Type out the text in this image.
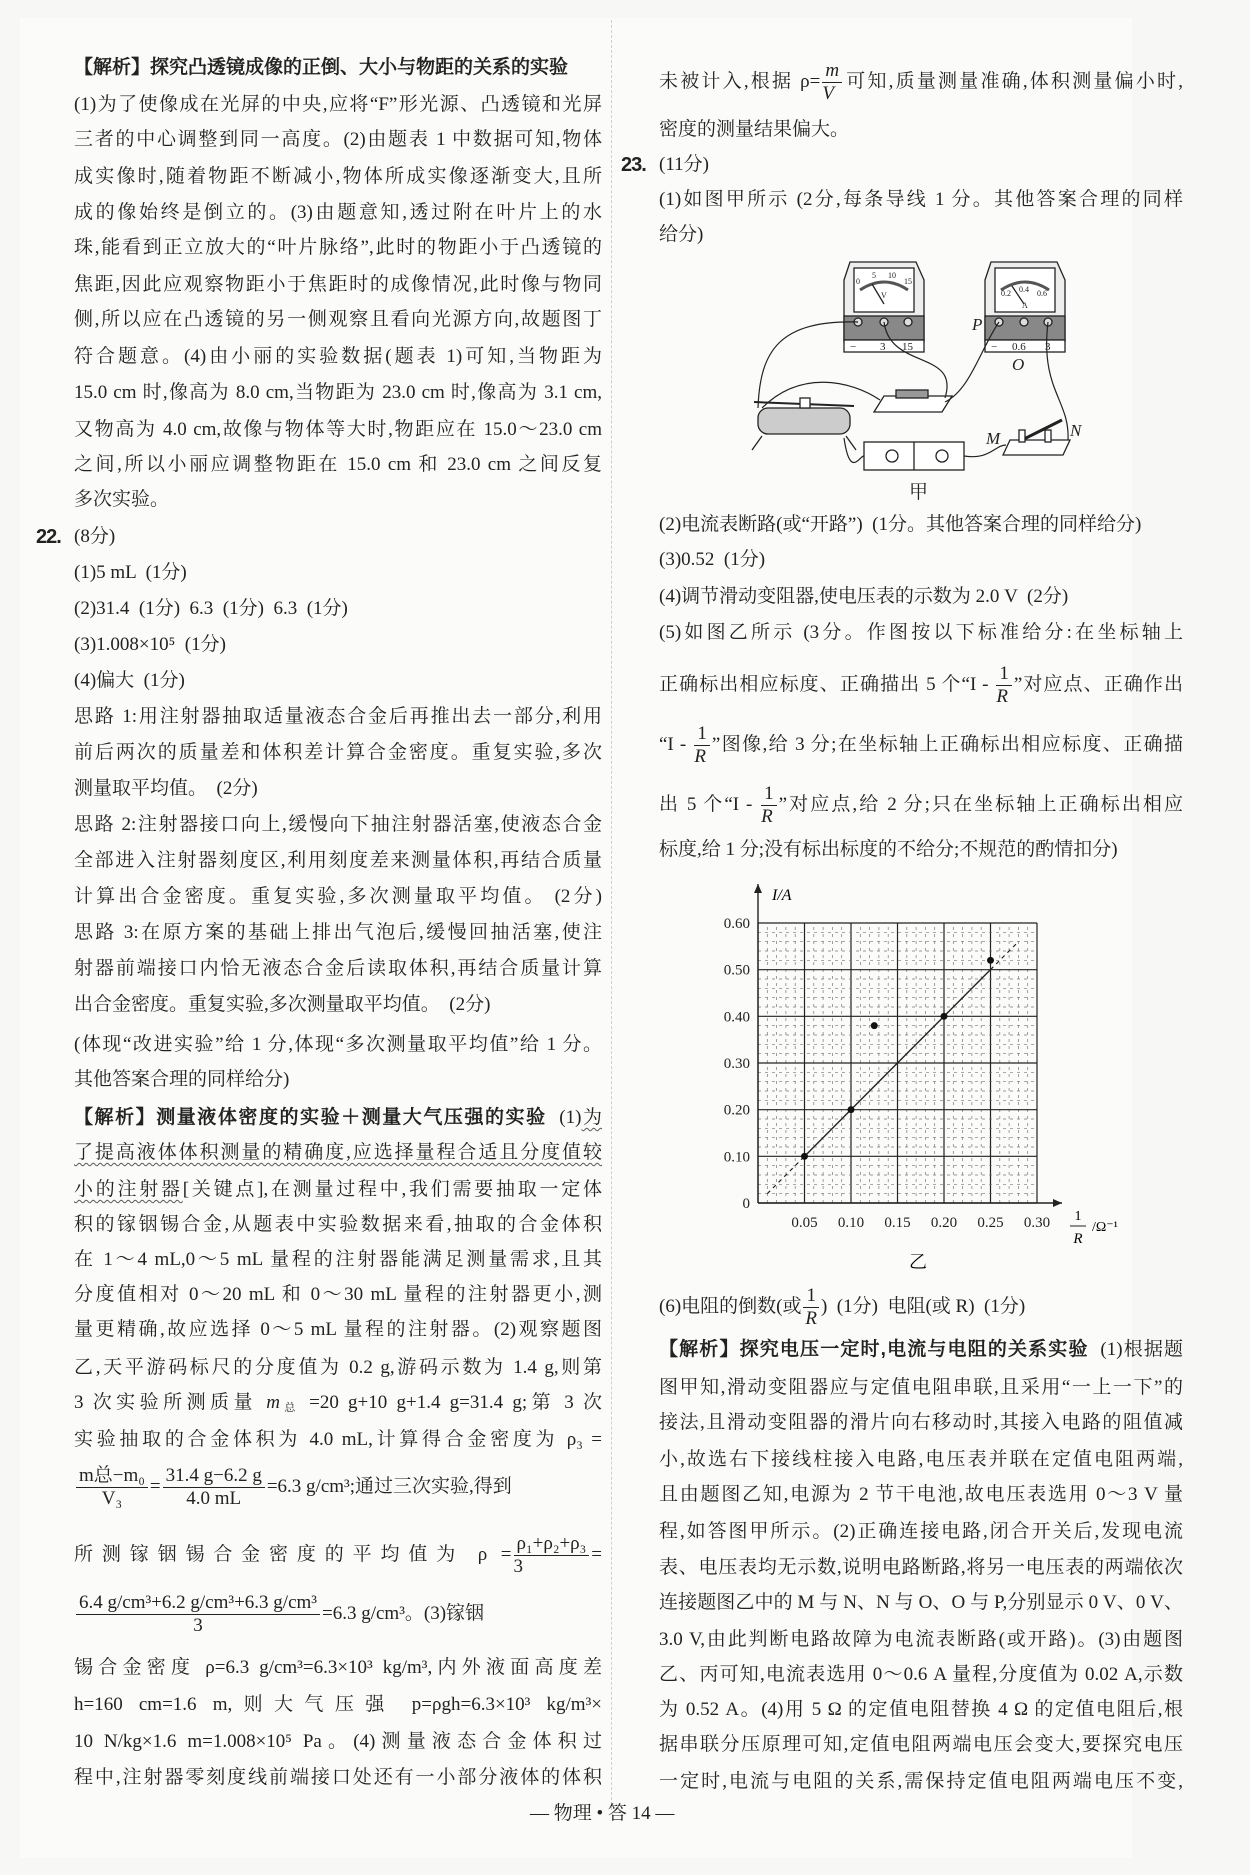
【解析】探究凸透镜成像的正倒、大小与物距的关系的实验
(1)为了使像成在光屏的中央,应将“F”形光源、凸透镜和光屏
三者的中心调整到同一高度。(2)由题表 1 中数据可知,物体
成实像时,随着物距不断减小,物体所成实像逐渐变大,且所
成的像始终是倒立的。(3)由题意知,透过附在叶片上的水
珠,能看到正立放大的“叶片脉络”,此时的物距小于凸透镜的
焦距,因此应观察物距小于焦距时的成像情况,此时像与物同
侧,所以应在凸透镜的另一侧观察且看向光源方向,故题图丁
符合题意。(4)由小丽的实验数据(题表 1)可知,当物距为
15.0 cm 时,像高为 8.0 cm,当物距为 23.0 cm 时,像高为 3.1 cm,
又物高为 4.0 cm,故像与物体等大时,物距应在 15.0～23.0 cm
之间,所以小丽应调整物距在 15.0 cm 和 23.0 cm 之间反复
多次实验。
22. (8分)
(1)5 mL  (1分)
(2)31.4  (1分)  6.3  (1分)  6.3  (1分)
(3)1.008×10⁵  (1分)
(4)偏大  (1分)
思路 1:用注射器抽取适量液态合金后再推出去一部分,利用
前后两次的质量差和体积差计算合金密度。重复实验,多次
测量取平均值。  (2分)
思路 2:注射器接口向上,缓慢向下抽注射器活塞,使液态合金
全部进入注射器刻度区,利用刻度差来测量体积,再结合质量
计算出合金密度。重复实验,多次测量取平均值。 (2分)
思路 3:在原方案的基础上排出气泡后,缓慢回抽活塞,使注
射器前端接口内恰无液态合金后读取体积,再结合质量计算
出合金密度。重复实验,多次测量取平均值。  (2分)
(体现“改进实验”给 1 分,体现“多次测量取平均值”给 1 分。
其他答案合理的同样给分)
【解析】测量液体密度的实验＋测量大气压强的实验  (1)为
了提高液体体积测量的精确度,应选择量程合适且分度值较
小的注射器[关键点],在测量过程中,我们需要抽取一定体
积的镓铟锡合金,从题表中实验数据来看,抽取的合金体积
在 1～4 mL,0～5 mL 量程的注射器能满足测量需求,且其
分度值相对 0～20 mL 和 0～30 mL 量程的注射器更小,测
量更精确,故应选择 0～5 mL 量程的注射器。(2)观察题图
乙,天平游码标尺的分度值为 0.2 g,游码示数为 1.4 g,则第
3 次实验所测质量 $m_总 =20$ g+10 g+1.4 g=31.4 g;第 3 次
实验抽取的合金体积为 4.0 mL,计算得合金密度为 ρ₃ =
$\frac{\text{m总−m₀}}{\text{V₃}} = \frac{31.4 g-6.2 g}{4.0 mL} =6.3$ g/cm³;通过三次实验,得到
所测镓铟锡合金密度的平均值为 $\rho = \frac{\text{ρ₁+ρ₂+ρ₃}}{3}$ =
$\frac{\text{6.4 g/cm³+6.2 g/cm³+6.3 g/cm³}}{3} =6.3$ g/cm³。(3)镓铟
锡合金密度 ρ=6.3 g/cm³=6.3×10³ kg/m³,内外液面高度差
h=160 cm=1.6 m,则大气压强 p=ρgh=6.3×10³ kg/m³×
10 N/kg×1.6 m=1.008×10⁵ Pa。(4)测量液态合金体积过
程中,注射器零刻度线前端接口处还有一小部分液体的体积
未被计入,根据 $\rho= \frac{m}{V}$ 可知,质量测量准确,体积测量偏小时,
密度的测量结果偏大。
23. (11分)
(1)如图甲所示 (2分,每条导线 1 分。其他答案合理的同样
给分)
0
5 10
15
V	0.2 0.4 0.6
A
− 3 15	− 0.6 3
P
O
M	N
甲
(2)电流表断路(或“开路”)  (1分。其他答案合理的同样给分)
(3)0.52  (1分)
(4)调节滑动变阻器,使电压表的示数为 2.0 V  (2分)
(5)如图乙所示 (3分。作图按以下标准给分:在坐标轴上
正确标出相应标度、正确描出 5 个“I - $\frac{1}{R}$ ”对应点、正确作出
“I - $\frac{1}{R}$ ”图像,给 3 分;在坐标轴上正确标出相应标度、正确描
出 5 个“I - $\frac{1}{R}$ ”对应点,给 2 分;只在坐标轴上正确标出相应
标度,给 1 分;没有标出标度的不给分;不规范的酌情扣分)
0.05 0.10 0.15 0.20 0.25 0.30
0
0.10
0.20
0.30
0.40
0.50
0.60
I/A
1
R
/Ω⁻¹
乙
(6)电阻的倒数(或 $\frac{1}{R}$ )  (1分)  电阻(或 R)  (1分)
【解析】探究电压一定时,电流与电阻的关系实验  (1)根据题
图甲知,滑动变阻器应与定值电阻串联,且采用“一上一下”的
接法,且滑动变阻器的滑片向右移动时,其接入电路的阻值减
小,故选右下接线柱接入电路,电压表并联在定值电阻两端,
且由题图乙知,电源为 2 节干电池,故电压表选用 0～3 V 量
程,如答图甲所示。(2)正确连接电路,闭合开关后,发现电流
表、电压表均无示数,说明电路断路,将另一电压表的两端依次
连接题图乙中的 M 与 N、N 与 O、O 与 P,分别显示 0 V、0 V、
3.0 V,由此判断电路故障为电流表断路(或开路)。(3)由题图
乙、丙可知,电流表选用 0～0.6 A 量程,分度值为 0.02 A,示数
为 0.52 A。(4)用 5 Ω 的定值电阻替换 4 Ω 的定值电阻后,根
据串联分压原理可知,定值电阻两端电压会变大,要探究电压
一定时,电流与电阻的关系,需保持定值电阻两端电压不变,
— 物理 • 答 14 —
